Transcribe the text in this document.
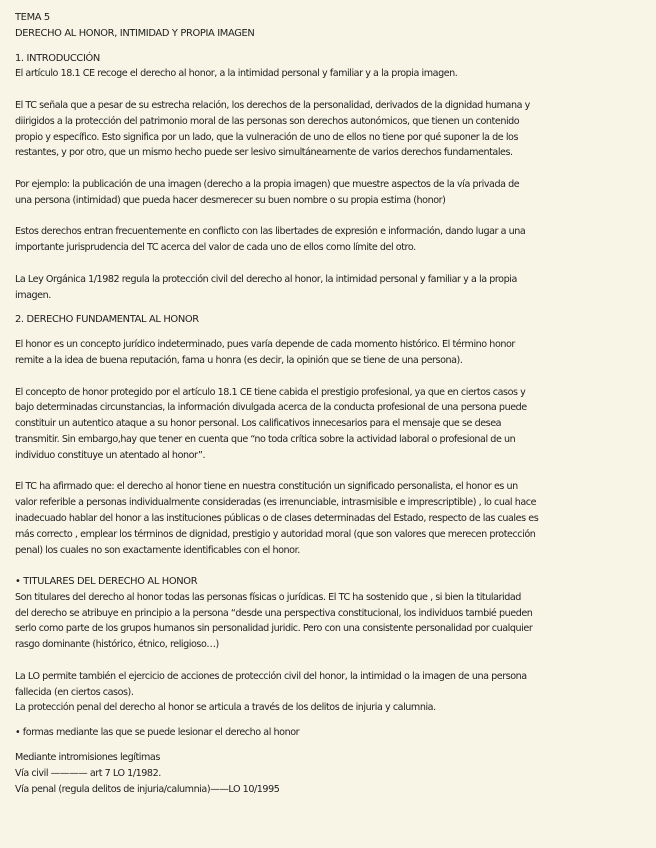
TEMA 5
DERECHO AL HONOR, INTIMIDAD Y PROPIA IMAGEN
1. INTRODUCCIÓN
El artículo 18.1 CE recoge el derecho al honor, a la intimidad personal y familiar y a la propia imagen.
El TC señala que a pesar de su estrecha relación, los derechos de la personalidad, derivados de la dignidad humana y
diirigidos a la protección del patrimonio moral de las personas son derechos autonómicos, que tienen un contenido
propio y específico. Esto significa por un lado, que la vulneración de uno de ellos no tiene por qué suponer la de los
restantes, y por otro, que un mismo hecho puede ser lesivo simultáneamente de varios derechos fundamentales.
Por ejemplo: la publicación de una imagen (derecho a la propia imagen) que muestre aspectos de la vía privada de
una persona (intimidad) que pueda hacer desmerecer su buen nombre o su propia estima (honor)
Estos derechos entran frecuentemente en conflicto con las libertades de expresión e información, dando lugar a una
importante jurisprudencia del TC acerca del valor de cada uno de ellos como límite del otro.
La Ley Orgánica 1/1982 regula la protección civil del derecho al honor, la intimidad personal y familiar y a la propia
imagen.
2. DERECHO FUNDAMENTAL AL HONOR
El honor es un concepto jurídico indeterminado, pues varía depende de cada momento histórico. El término honor
remite a la idea de buena reputación, fama u honra (es decir, la opinión que se tiene de una persona).
El concepto de honor protegido por el artículo 18.1 CE tiene cabida el prestigio profesional, ya que en ciertos casos y
bajo determinadas circunstancias, la información divulgada acerca de la conducta profesional de una persona puede
constituir un autentico ataque a su honor personal. Los calificativos innecesarios para el mensaje que se desea
transmitir. Sin embargo,hay que tener en cuenta que “no toda crítica sobre la actividad laboral o profesional de un
individuo constituye un atentado al honor”.
El TC ha afirmado que: el derecho al honor tiene en nuestra constitución un significado personalista, el honor es un
valor referible a personas individualmente consideradas (es irrenunciable, intrasmisible e imprescriptible) , lo cual hace
inadecuado hablar del honor a las instituciones públicas o de clases determinadas del Estado, respecto de las cuales es
más correcto , emplear los términos de dignidad, prestigio y autoridad moral (que son valores que merecen protección
penal) los cuales no son exactamente identificables con el honor.
• TITULARES DEL DERECHO AL HONOR
Son titulares del derecho al honor todas las personas físicas o jurídicas. El TC ha sostenido que , si bien la titularidad
del derecho se atribuye en principio a la persona “desde una perspectiva constitucional, los individuos tambié pueden
serlo como parte de los grupos humanos sin personalidad juridic. Pero con una consistente personalidad por cualquier
rasgo dominante (histórico, étnico, religioso…)
La LO permite también el ejercicio de acciones de protección civil del honor, la intimidad o la imagen de una persona
fallecida (en ciertos casos).
La protección penal del derecho al honor se articula a través de los delitos de injuria y calumnia.
• formas mediante las que se puede lesionar el derecho al honor
Mediante intromisiones legítimas
Vía civil ———— art 7 LO 1/1982.
Vía penal (regula delitos de injuria/calumnia)——LO 10/1995
